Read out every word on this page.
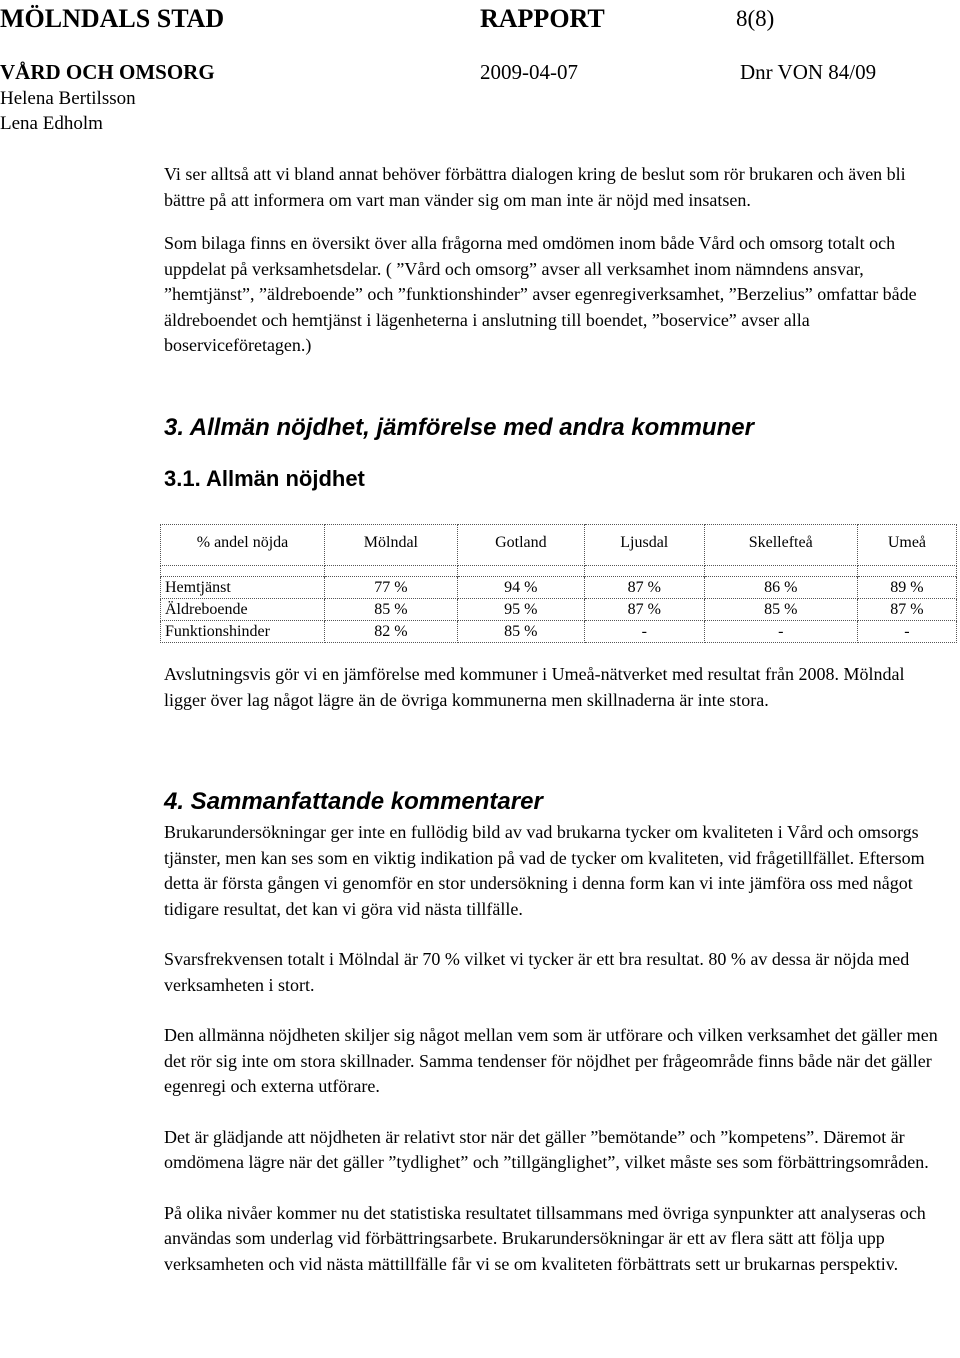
MÖLNDALS STAD	RAPPORT	8(8)
VÅRD OCH OMSORG	2009-04-07	Dnr VON 84/09
Helena Bertilsson
Lena Edholm

Vi ser alltså att vi bland annat behöver förbättra dialogen kring de beslut som rör brukaren och även bli bättre på att informera om vart man vänder sig om man inte är nöjd med insatsen.

Som bilaga finns en översikt över alla frågorna med omdömen inom både Vård och omsorg totalt och uppdelat på verksamhetsdelar. ( ”Vård och omsorg” avser all verksamhet inom nämndens ansvar, ”hemtjänst”, ”äldreboende” och ”funktionshinder” avser egenregiverksamhet, ”Berzelius” omfattar både äldreboendet och hemtjänst i lägenheterna i anslutning till boendet, ”boservice” avser alla boserviceföretagen.)

3. Allmän nöjdhet, jämförelse med andra kommuner
3.1. Allmän nöjdhet
% andel nöjda	Mölndal	Gotland	Ljusdal	Skellefteå	Umeå

Hemtjänst	77 %	94 %	87 %	86 %	89 %
Äldreboende	85 %	95 %	87 %	85 %	87 %
Funktionshinder	82 %	85 %	-	-	-

Avslutningsvis gör vi en jämförelse med kommuner i Umeå-nätverket med resultat från 2008. Mölndal ligger över lag något lägre än de övriga kommunerna men skillnaderna är inte stora.

4. Sammanfattande kommentarer

Brukarundersökningar ger inte en fullödig bild av vad brukarna tycker om kvaliteten i Vård och omsorgs tjänster, men kan ses som en viktig indikation på vad de tycker om kvaliteten, vid frågetillfället. Eftersom detta är första gången vi genomför en stor undersökning i denna form kan vi inte jämföra oss med något tidigare resultat, det kan vi göra vid nästa tillfälle.

Svarsfrekvensen totalt i Mölndal är 70 % vilket vi tycker är ett bra resultat. 80 % av dessa är nöjda med verksamheten i stort.

Den allmänna nöjdheten skiljer sig något mellan vem som är utförare och vilken verksamhet det gäller men det rör sig inte om stora skillnader. Samma tendenser för nöjdhet per frågeområde finns både när det gäller egenregi och externa utförare.

Det är glädjande att nöjdheten är relativt stor när det gäller ”bemötande” och ”kompetens”. Däremot är omdömena lägre när det gäller ”tydlighet” och ”tillgänglighet”, vilket måste ses som förbättringsområden.

På olika nivåer kommer nu det statistiska resultatet tillsammans med övriga synpunkter att analyseras och användas som underlag vid förbättringsarbete. Brukarundersökningar är ett av flera sätt att följa upp verksamheten och vid nästa mättillfälle får vi se om kvaliteten förbättrats sett ur brukarnas perspektiv.
